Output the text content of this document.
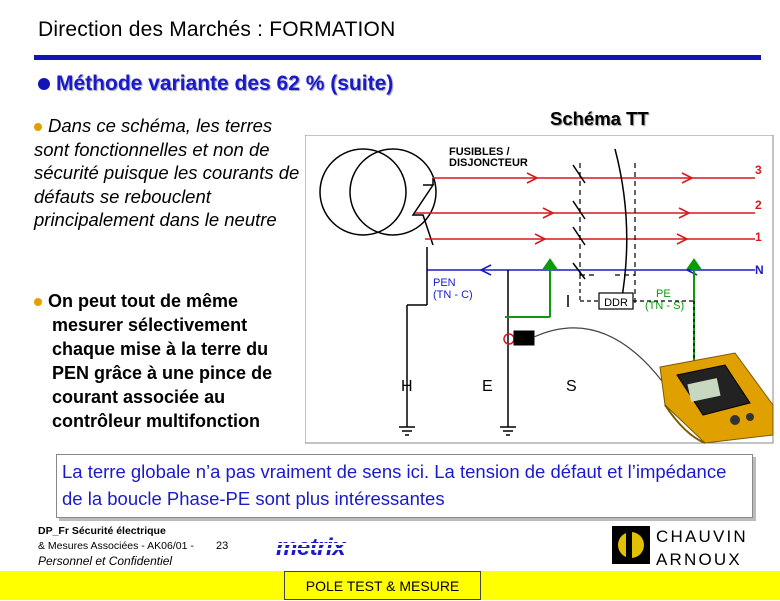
Direction des Marchés : FORMATION
Méthode variante des 62 % (suite)
Dans ce schéma, les terres sont fonctionnelles et non de sécurité puisque les courants de défauts se rebouclent principalement dans le neutre
On peut tout de même
mesurer sélectivement
chaque mise à la terre du
PEN grâce à une pince de
courant associée au
contrôleur multifonction
Schéma TT
DDR
FUSIBLES /
DISJONCTEUR	3
2
1
N
PEN
(TN - C)	PE
(TN - S)
H	E	S
La terre globale n’a pas vraiment de sens ici. La tension de défaut et l’impédance de la boucle Phase-PE sont plus intéressantes
DP_Fr Sécurité électrique
& Mesures Associées - AK06/01 -
Personnel et Confidentiel
23 metrix	CHAUVIN
ARNOUX
POLE TEST & MESURE
